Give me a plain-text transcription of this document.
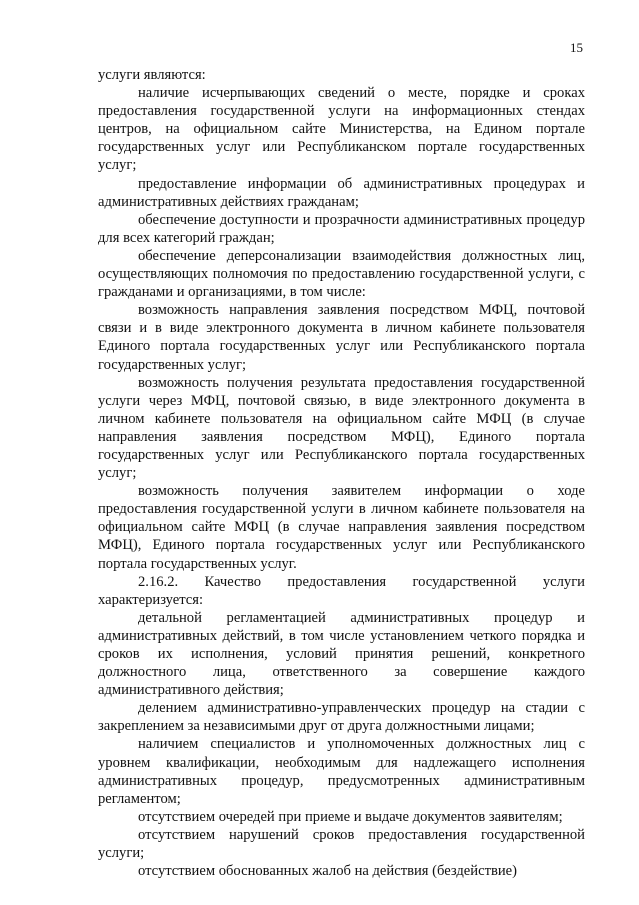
15

услуги являются:

наличие исчерпывающих сведений о месте, порядке и сроках предоставления государственной услуги на информационных стендах центров, на официальном сайте Министерства, на Едином портале государственных услуг или Республиканском портале государственных услуг;

предоставление информации об административных процедурах и административных действиях гражданам;

обеспечение доступности и прозрачности административных процедур для всех категорий граждан;

обеспечение деперсонализации взаимодействия должностных лиц, осуществляющих полномочия по предоставлению государственной услуги, с гражданами и организациями, в том числе:

возможность направления заявления посредством МФЦ, почтовой связи и в виде электронного документа в личном кабинете пользователя Единого портала государственных услуг или Республиканского портала государственных услуг;

возможность получения результата предоставления государственной услуги через МФЦ, почтовой связью, в виде электронного документа в личном кабинете пользователя на официальном сайте МФЦ (в случае направления заявления посредством МФЦ), Единого портала государственных услуг или Республиканского портала государственных услуг;

возможность получения заявителем информации о ходе предоставления государственной услуги в личном кабинете пользователя на официальном сайте МФЦ (в случае направления заявления посредством МФЦ), Единого портала государственных услуг или Республиканского портала государственных услуг.

2.16.2. Качество предоставления государственной услуги характеризуется:

детальной регламентацией административных процедур и административных действий, в том числе установлением четкого порядка и сроков их исполнения, условий принятия решений, конкретного должностного лица, ответственного за совершение каждого административного действия;

делением административно-управленческих процедур на стадии с закреплением за независимыми друг от друга должностными лицами;

наличием специалистов и уполномоченных должностных лиц с уровнем квалификации, необходимым для надлежащего исполнения административных процедур, предусмотренных административным регламентом;

отсутствием очередей при приеме и выдаче документов заявителям;

отсутствием нарушений сроков предоставления государственной услуги;

отсутствием обоснованных жалоб на действия (бездействие)
